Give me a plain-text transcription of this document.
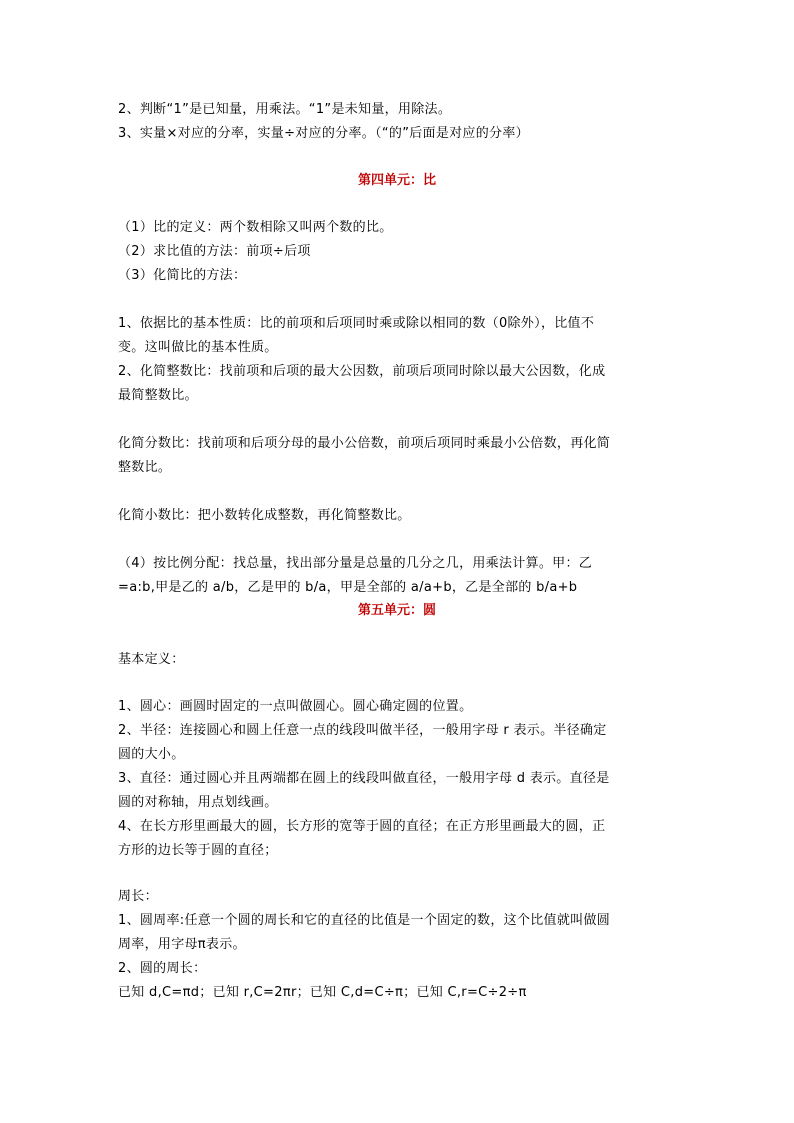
2、判断“1”是已知量，用乘法。“1”是未知量，用除法。
3、实量×对应的分率，实量÷对应的分率。（“的”后面是对应的分率）
第四单元：比
（1）比的定义：两个数相除又叫两个数的比。
（2）求比值的方法：前项÷后项
（3）化简比的方法：
1、依据比的基本性质：比的前项和后项同时乘或除以相同的数（0除外），比值不
变。这叫做比的基本性质。
2、化简整数比：找前项和后项的最大公因数，前项后项同时除以最大公因数，化成
最简整数比。
化简分数比：找前项和后项分母的最小公倍数，前项后项同时乘最小公倍数，再化简
整数比。
化简小数比：把小数转化成整数，再化简整数比。
（4）按比例分配：找总量，找出部分量是总量的几分之几，用乘法计算。甲：乙
=a:b,甲是乙的 a/b，乙是甲的 b/a，甲是全部的 a/a+b，乙是全部的 b/a+b
第五单元：圆
基本定义：
1、圆心：画圆时固定的一点叫做圆心。圆心确定圆的位置。
2、半径：连接圆心和圆上任意一点的线段叫做半径，一般用字母 r 表示。半径确定
圆的大小。
3、直径：通过圆心并且两端都在圆上的线段叫做直径，一般用字母 d 表示。直径是
圆的对称轴，用点划线画。
4、在长方形里画最大的圆，长方形的宽等于圆的直径；在正方形里画最大的圆，正
方形的边长等于圆的直径；
周长：
1、圆周率:任意一个圆的周长和它的直径的比值是一个固定的数，这个比值就叫做圆
周率，用字母π表示。
2、圆的周长：
已知 d,C=πd；已知 r,C=2πr；已知 C,d=C÷π；已知 C,r=C÷2÷π
